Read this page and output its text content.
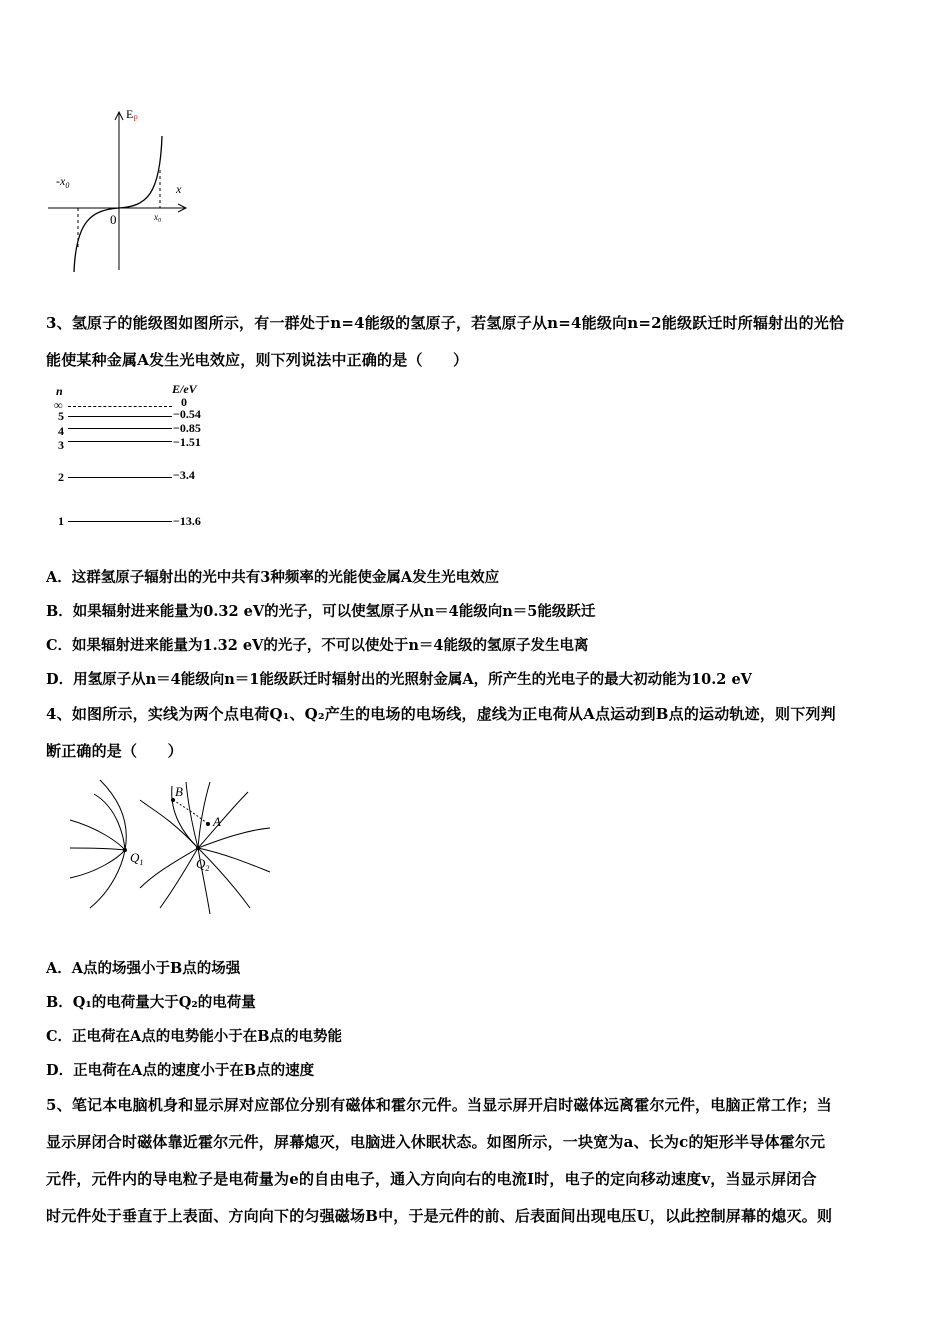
$E_P$
x
0
$-x_0$
$x_0$
3、氢原子的能级图如图所示，有一群处于n=4能级的氢原子，若氢原子从n=4能级向n=2能级跃迁时所辐射出的光恰
能使某种金属A发生光电效应，则下列说法中正确的是（　　）
n	E/eV
∞	0
5	−0.54
4	−0.85
3	−1.51
2	−3.4
1	−13.6
A．这群氢原子辐射出的光中共有3种频率的光能使金属A发生光电效应
B．如果辐射进来能量为0.32 eV的光子，可以使氢原子从n＝4能级向n＝5能级跃迁
C．如果辐射进来能量为1.32 eV的光子，不可以使处于n＝4能级的氢原子发生电离
D．用氢原子从n＝4能级向n＝1能级跃迁时辐射出的光照射金属A，所产生的光电子的最大初动能为10.2 eV
4、如图所示，实线为两个点电荷Q₁、Q₂产生的电场的电场线，虚线为正电荷从A点运动到B点的运动轨迹，则下列判
断正确的是（　　）
$Q_1$	$Q_2$
B
A
A．A点的场强小于B点的场强
B．Q₁的电荷量大于Q₂的电荷量
C．正电荷在A点的电势能小于在B点的电势能
D．正电荷在A点的速度小于在B点的速度
5、笔记本电脑机身和显示屏对应部位分别有磁体和霍尔元件。当显示屏开启时磁体远离霍尔元件，电脑正常工作；当
显示屏闭合时磁体靠近霍尔元件，屏幕熄灭，电脑进入休眠状态。如图所示，一块宽为a、长为c的矩形半导体霍尔元
元件，元件内的导电粒子是电荷量为e的自由电子，通入方向向右的电流I时，电子的定向移动速度v，当显示屏闭合
时元件处于垂直于上表面、方向向下的匀强磁场B中，于是元件的前、后表面间出现电压U，以此控制屏幕的熄灭。则
